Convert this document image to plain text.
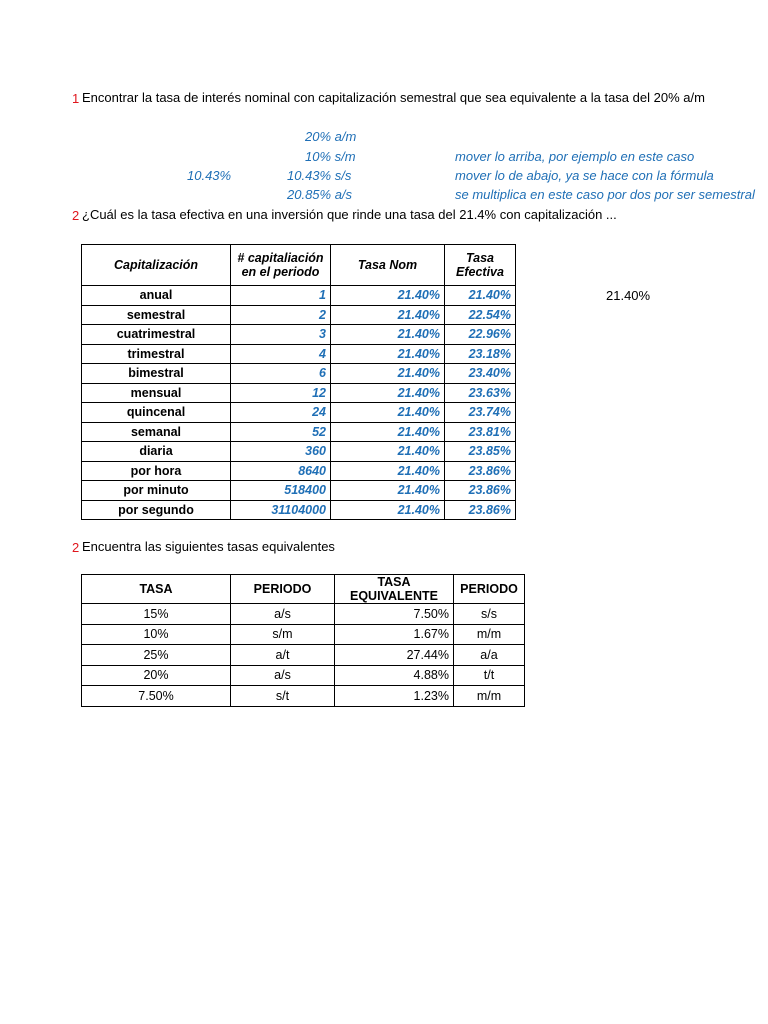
1 Encontrar la tasa de interés nominal con capitalización semestral que sea equivalente a la tasa del 20% a/m
20% a/m
10% s/m	mover lo arriba, por ejemplo en este caso
10.43%	10.43% s/s	mover lo de abajo, ya se hace con la fórmula
20.85% a/s	se multiplica en este caso por dos por ser semestral
2 ¿Cuál es la tasa efectiva en una inversión que rinde una tasa del 21.4% con capitalización ...
21.40%
Capitalización	# capitaliación en el periodo	Tasa Nom	Tasa Efectiva
anual	1	21.40%	21.40%
semestral	2	21.40%	22.54%
cuatrimestral	3	21.40%	22.96%
trimestral	4	21.40%	23.18%
bimestral	6	21.40%	23.40%
mensual	12	21.40%	23.63%
quincenal	24	21.40%	23.74%
semanal	52	21.40%	23.81%
diaria	360	21.40%	23.85%
por hora	8640	21.40%	23.86%
por minuto	518400	21.40%	23.86%
por segundo	31104000	21.40%	23.86%
2 Encuentra las siguientes tasas equivalentes
TASA	PERIODO	TASA EQUIVALENTE	PERIODO
15%	a/s	7.50%	s/s
10%	s/m	1.67%	m/m
25%	a/t	27.44%	a/a
20%	a/s	4.88%	t/t
7.50%	s/t	1.23%	m/m
